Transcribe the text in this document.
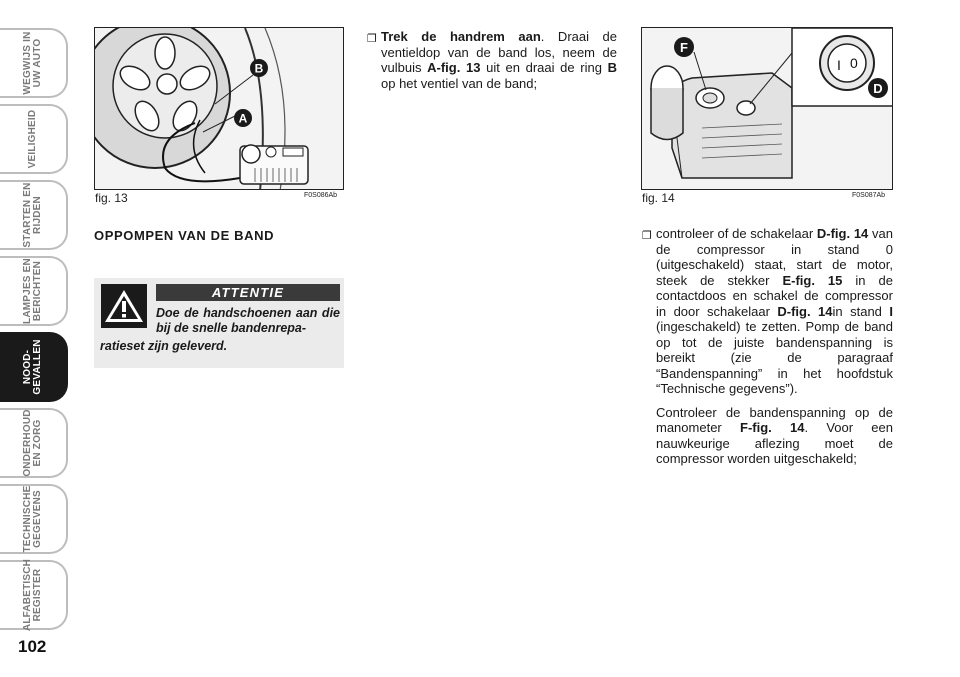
WEGWIJS IN
UW AUTO
VEILIGHEID
STARTEN EN
RIJDEN
LAMPJES EN
BERICHTEN
NOOD-
GEVALLEN
ONDERHOUD
EN ZORG
TECHNISCHE
GEGEVENS
ALFABETISCH
REGISTER
102
A
B
fig. 13	F0S086Ab
OPPOMPEN VAN DE BAND
ATTENTIE
Doe de handschoenen aan die bij de snelle bandenrepa-
ratieset zijn geleverd.
❐ Trek de handrem aan. Draai de ventieldop van de band los, neem de vulbuis A-fig. 13 uit en draai de ring B op het ventiel van de band;
I 0
F
D
fig. 14	F0S087Ab
❐ controleer of de schakelaar D-fig. 14 van de compressor in stand 0 (uitgeschakeld) staat, start de motor, steek de stekker E-fig. 15 in de contactdoos en schakel de compressor in door schakelaar D-fig. 14in stand I (ingeschakeld) te zetten. Pomp de band op tot de juiste bandenspanning is bereikt (zie de paragraaf “Bandenspanning” in het hoofdstuk “Technische gegevens”).
Controleer de bandenspanning op de manometer F-fig. 14. Voor een nauwkeurige aflezing moet de compressor worden uitgeschakeld;
